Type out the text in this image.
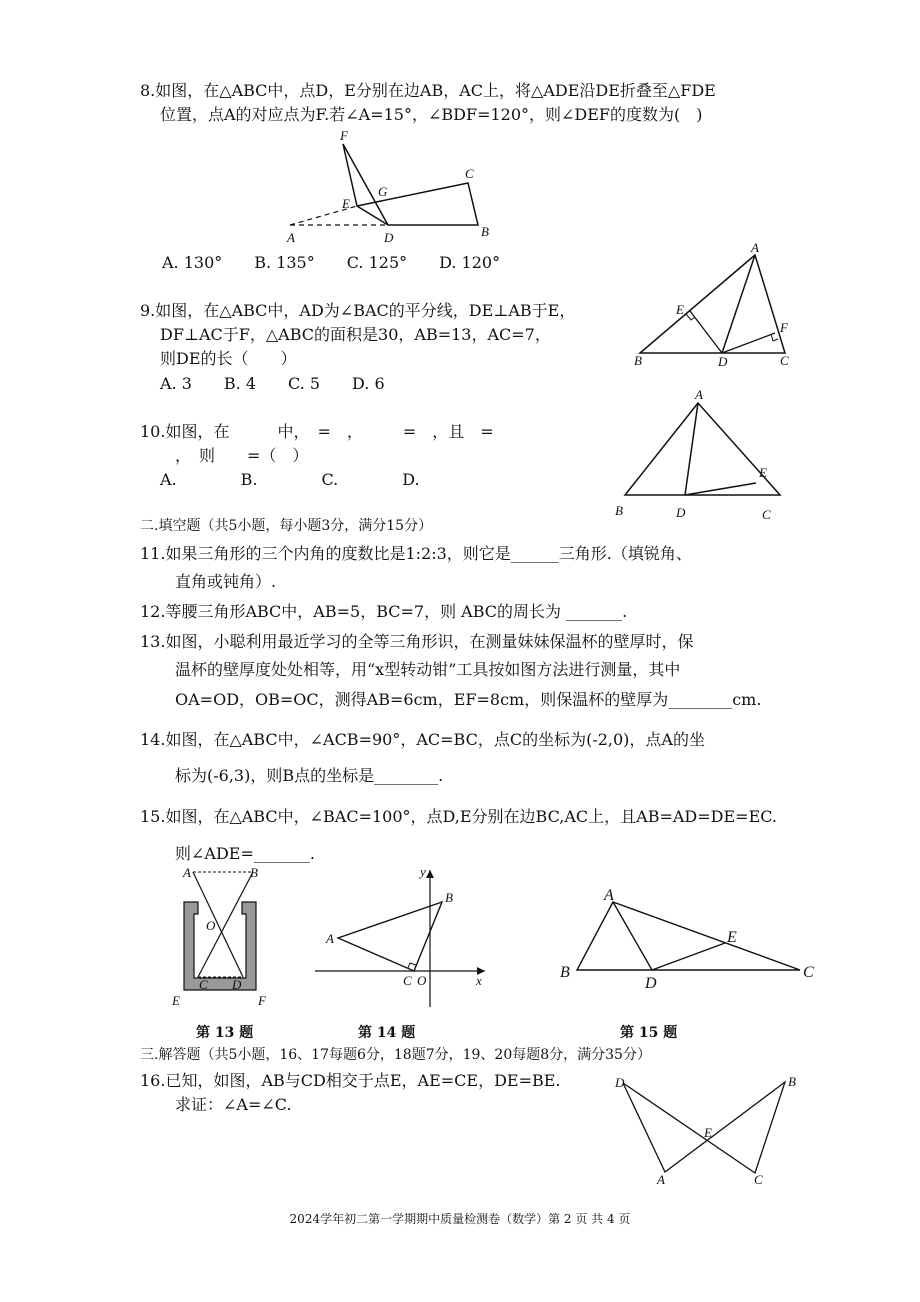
8.如图，在△ABC中，点D，E分别在边AB，AC上，将△ADE沿DE折叠至△FDE
位置，点A的对应点为F.若∠A=15°，∠BDF=120°，则∠DEF的度数为(　)
F
C
G
E
A	D	B
A. 130°　　B. 135°　　C. 125°　　D. 120°
9.如图，在△ABC中，AD为∠BAC的平分线，DE⊥AB于E，
DF⊥AC于F，△ABC的面积是30，AB=13，AC=7，
则DE的长（　　）
A. 3　　B. 4　　C. 5　　D. 6
A
E
F
B	D	C
10.如图，在　　　中，　=　，　　　=　，且　=
，　则　　=（　）
A.　　　　B.　　　　C.　　　　D.
A
E
B	D	C
二.填空题（共5小题，每小题3分，满分15分）
11.如果三角形的三个内角的度数比是1:2:3，则它是______三角形.（填锐角、
直角或钝角）.
12.等腰三角形ABC中，AB=5，BC=7，则 ABC的周长为 _______.
13.如图，小聪利用最近学习的全等三角形识，在测量妹妹保温杯的壁厚时，保
温杯的壁厚度处处相等，用“x型转动钳”工具按如图方法进行测量，其中
OA=OD，OB=OC，测得AB=6cm，EF=8cm，则保温杯的壁厚为________cm.
14.如图，在△ABC中，∠ACB=90°，AC=BC，点C的坐标为(-2,0)，点A的坐
标为(-6,3)，则B点的坐标是________.
15.如图，在△ABC中，∠BAC=100°，点D,E分别在边BC,AC上，且AB=AD=DE=EC.
则∠ADE=_______.
A	B
O
C D
E	F
y
B
A
C O	x
A
E
B
D
C
第 13 题	第 14 题	第 15 题
三.解答题（共5小题，16、17每题6分，18题7分，19、20每题8分，满分35分）
16.已知，如图，AB与CD相交于点E，AE=CE，DE=BE.
求证：∠A=∠C.
D	B
E
A	C
2024学年初二第一学期期中质量检测卷（数学）第 2 页 共 4 页
